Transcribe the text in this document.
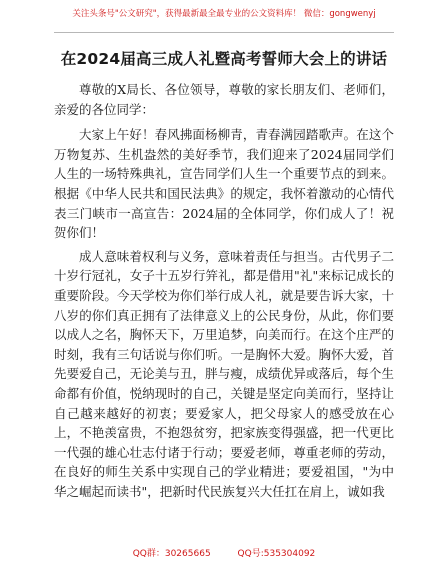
关注头条号"公文研究"，获得最新最全最专业的公文资料库！ 微信：gongwenyj
在2024届高三成人礼暨高考誓师大会上的讲话

尊敬的X局长、各位领导，尊敬的家长朋友们、老师们，亲爱的各位同学：

大家上午好！春风拂面杨柳青，青春满园踏歌声。在这个万物复苏、生机盎然的美好季节，我们迎来了2024届同学们人生的一场特殊典礼，宣告同学们人生一个重要节点的到来。根据《中华人民共和国民法典》的规定，我怀着激动的心情代表三门峡市一高宣告：2024届的全体同学，你们成人了！祝贺你们！

成人意味着权利与义务，意味着责任与担当。古代男子二十岁行冠礼，女子十五岁行笄礼，都是借用"礼"来标记成长的重要阶段。今天学校为你们举行成人礼，就是要告诉大家，十八岁的你们真正拥有了法律意义上的公民身份，从此，你们要以成人之名，胸怀天下，万里追梦，向美而行。在这个庄严的时刻，我有三句话说与你们听。一是胸怀大爱。胸怀大爱，首先要爱自己，无论美与丑，胖与瘦，成绩优异或落后，每个生命都有价值，悦纳现时的自己，关键是坚定向美而行，坚持让自己越来越好的初衷；要爱家人，把父母家人的感受放在心上，不艳羡富贵，不抱怨贫穷，把家族变得强盛，把一代更比一代强的雄心壮志付诸于行动；要爱老师，尊重老师的劳动，在良好的师生关系中实现自己的学业精进；要爱祖国，"为中华之崛起而读书"，把新时代民族复兴大任扛在肩上，诚如我

QQ群：30265665	QQ号:535304092
